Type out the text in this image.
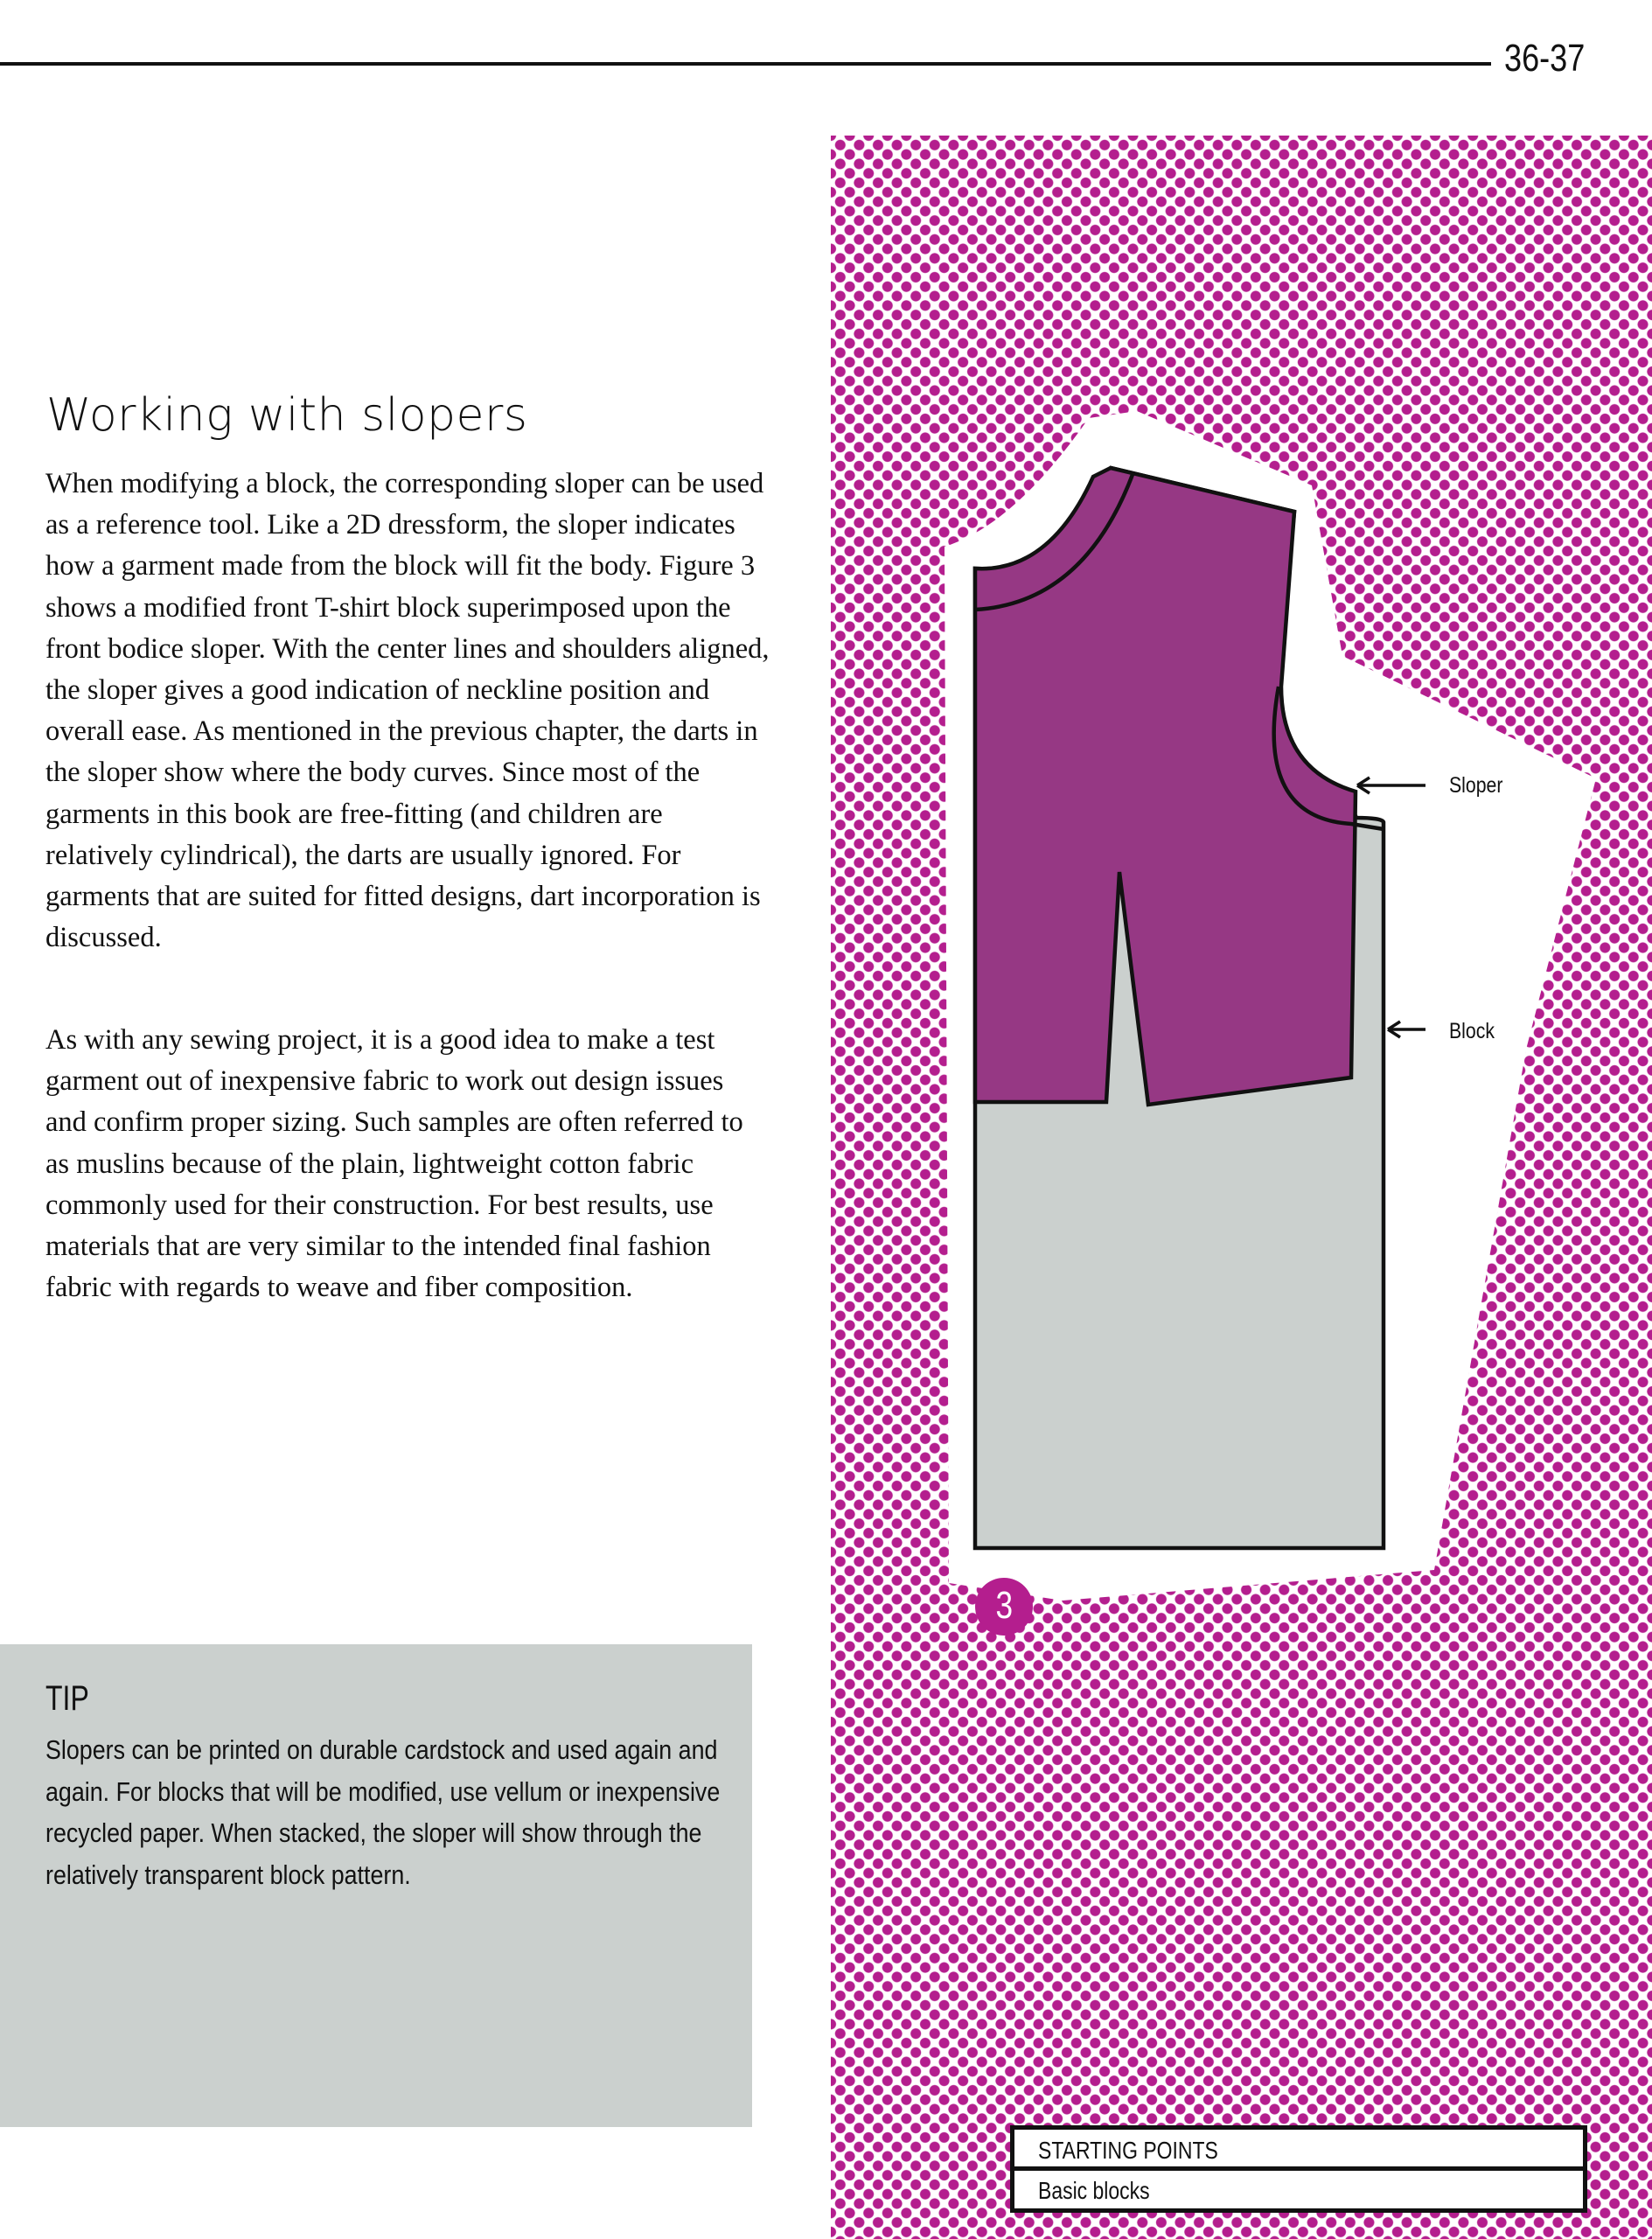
36-37
Sloper
Block
3
Working with slopers

When modifying a block, the corresponding sloper can be used as a reference tool. Like a 2D dressform, the sloper indicates how a garment made from the block will fit the body. Figure 3 shows a modified front T-shirt block superimposed upon the front bodice sloper. With the center lines and shoulders aligned, the sloper gives a good indication of neckline position and overall ease. As mentioned in the previous chapter, the darts in the sloper show where the body curves. Since most of the garments in this book are free-fitting (and children are relatively cylindrical), the darts are usually ignored. For garments that are suited for fitted designs, dart incorporation is discussed.

As with any sewing project, it is a good idea to make a test garment out of inexpensive fabric to work out design issues and confirm proper sizing. Such samples are often referred to as muslins because of the plain, lightweight cotton fabric commonly used for their construction. For best results, use materials that are very similar to the intended final fashion fabric with regards to weave and fiber composition.

TIP

Slopers can be printed on durable cardstock and used again and again. For blocks that will be modified, use vellum or inexpensive recycled paper. When stacked, the sloper will show through the relatively transparent block pattern.

STARTING POINTS
Basic blocks
